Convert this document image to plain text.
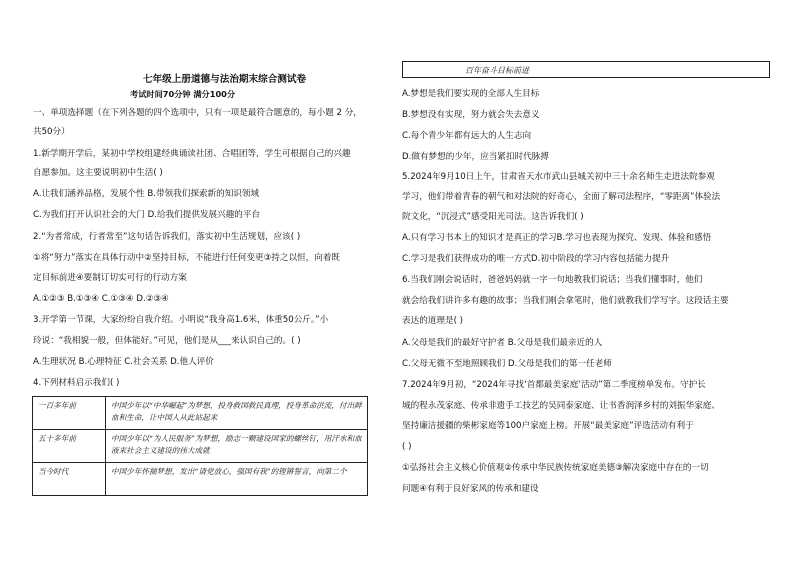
七年级上册道德与法治期末综合测试卷
考试时间70分钟 满分100分
一、单项选择题（在下列各题的四个选项中，只有一项是最符合题意的，每小题 2 分，
共50分）
1.新学期开学后，某初中学校组建经典诵读社团、合唱团等，学生可根据自己的兴趣
自愿参加。这主要说明初中生活( )
A.让我们涵养品格，发展个性 B.带领我们探索新的知识领域
C.为我们打开认识社会的大门 D.给我们提供发展兴趣的平台
2.“为者常成，行者常至”这句话告诉我们，落实初中生活规划，应该( )
①将“努力”落实在具体行动中②坚持目标，不能进行任何变更③持之以恒，向着既
定目标前进④要制订切实可行的行动方案
A.①②③ B.①③④ C.①③④ D.②③④
3.开学第一节课，大家纷纷自我介绍。小明说“我身高1.6米，体重50公斤。”小
玲说：“我相貌一般，但体能好。”可见，他们是从___来认识自己的。( )
A.生理状况 B.心理特征 C.社会关系 D.他人评价
4.下列材料启示我们( )
一百多年前	中国少年以“中华崛起”为梦想，投身救国救民真理，投身革命洪流，付出鲜血和生命，让中国人从此站起来
五十多年前	中国少年以“为人民服务”为梦想，励志一颗建设国家的螺丝钉，用汗水和血液来社会主义建设的伟大成就
当今时代	中国少年怀揣梦想，发出“请党放心，强国有我”的铿锵誓言，向第二个
百年奋斗目标前进
A.梦想是我们要实现的全部人生目标
B.梦想没有实现，努力就会失去意义
C.每个青少年都有远大的人生志向
D.做有梦想的少年，应当紧扣时代脉搏
5.2024年9月10日上午，甘肃省天水市武山县城关初中三十余名师生走进法院参观
学习，他们带着青春的朝气和对法院的好奇心，全面了解司法程序，“零距离”体验法
院文化，“沉浸式”感受阳光司法。这告诉我们( )
A.只有学习书本上的知识才是真正的学习B.学习也表现为探究、发现、体验和感悟
C.学习是我们获得成功的唯一方式D.初中阶段的学习内容包括能力提升
6.当我们刚会说话时，爸爸妈妈就一字一句地教我们说话；当我们懂事时，他们
就会给我们讲许多有趣的故事；当我们刚会拿笔时，他们就教我们学写字。这段话主要
表达的道理是( )
A.父母是我们的最好守护者 B.父母是我们最亲近的人
C.父母无微不至地照顾我们 D.父母是我们的第一任老师
7.2024年9月初，“2024年寻找‘首都最美家庭’活动”第二季度榜单发布。守护长
城的程永茂家庭、传承非遗手工技艺的吴同泰家庭、让书香润泽乡村的刘振华家庭、
坚持廉洁援疆的柴彬家庭等100户家庭上榜。开展“最美家庭”评选活动有利于
( )
①弘扬社会主义核心价值观②传承中华民族传统家庭美德③解决家庭中存在的一切
问题④有利于良好家风的传承和建设
